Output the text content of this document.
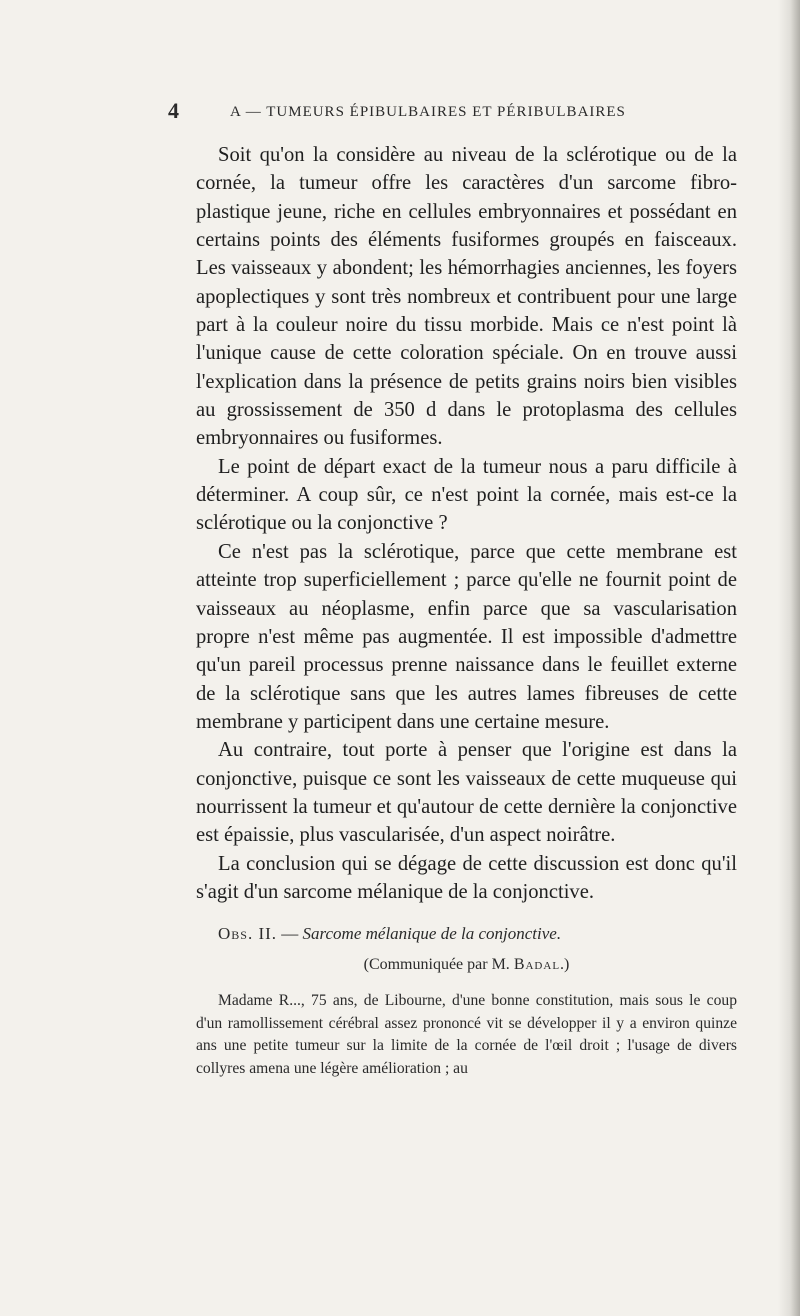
4	A — TUMEURS ÉPIBULBAIRES ET PÉRIBULBAIRES

Soit qu'on la considère au niveau de la sclérotique ou de la cornée, la tumeur offre les caractères d'un sarcome fibro-plastique jeune, riche en cellules embryonnaires et possédant en certains points des éléments fusiformes groupés en faisceaux. Les vaisseaux y abondent; les hémorrhagies anciennes, les foyers apoplectiques y sont très nombreux et contribuent pour une large part à la couleur noire du tissu morbide. Mais ce n'est point là l'unique cause de cette coloration spéciale. On en trouve aussi l'explication dans la présence de petits grains noirs bien visibles au grossissement de 350 d dans le protoplasma des cellules embryonnaires ou fusiformes.

Le point de départ exact de la tumeur nous a paru difficile à déterminer. A coup sûr, ce n'est point la cornée, mais est-ce la sclérotique ou la conjonctive ?

Ce n'est pas la sclérotique, parce que cette membrane est atteinte trop superficiellement ; parce qu'elle ne fournit point de vaisseaux au néoplasme, enfin parce que sa vascularisation propre n'est même pas augmentée. Il est impossible d'admettre qu'un pareil processus prenne naissance dans le feuillet externe de la sclérotique sans que les autres lames fibreuses de cette membrane y participent dans une certaine mesure.

Au contraire, tout porte à penser que l'origine est dans la conjonctive, puisque ce sont les vaisseaux de cette muqueuse qui nourrissent la tumeur et qu'autour de cette dernière la conjonctive est épaissie, plus vascularisée, d'un aspect noirâtre.

La conclusion qui se dégage de cette discussion est donc qu'il s'agit d'un sarcome mélanique de la conjonctive.

Obs. II. — Sarcome mélanique de la conjonctive.

(Communiquée par M. Badal.)

Madame R..., 75 ans, de Libourne, d'une bonne constitution, mais sous le coup d'un ramollissement cérébral assez prononcé vit se développer il y a environ quinze ans une petite tumeur sur la limite de la cornée de l'œil droit ; l'usage de divers collyres amena une légère amélioration ; au
